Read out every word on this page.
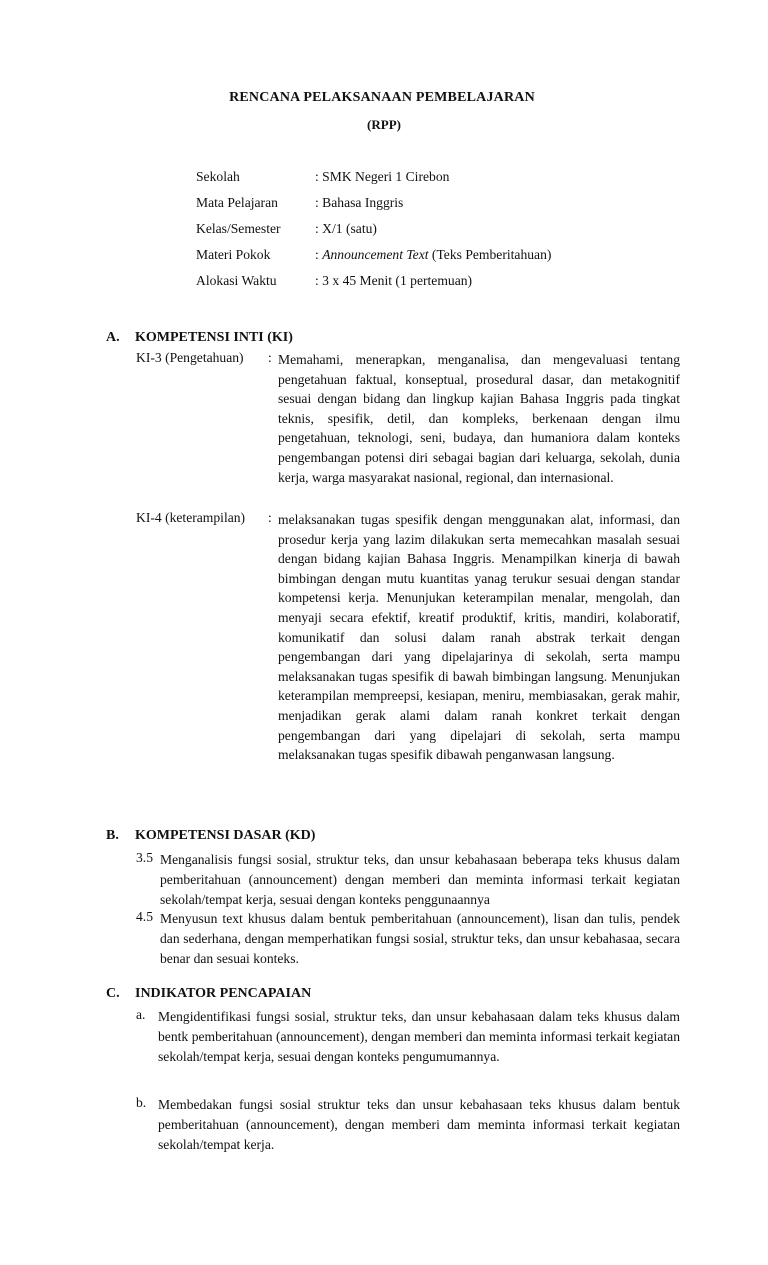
RENCANA PELAKSANAAN PEMBELAJARAN
(RPP)
Sekolah	: SMK Negeri 1 Cirebon
Mata Pelajaran	: Bahasa Inggris
Kelas/Semester	: X/1 (satu)
Materi Pokok	: Announcement Text (Teks Pemberitahuan)
Alokasi Waktu	: 3 x 45 Menit (1 pertemuan)
A. KOMPETENSI INTI (KI)
KI-3 (Pengetahuan) : Memahami, menerapkan, menganalisa, dan mengevaluasi tentang pengetahuan faktual, konseptual, prosedural dasar, dan metakognitif sesuai dengan bidang dan lingkup kajian Bahasa Inggris pada tingkat teknis, spesifik, detil, dan kompleks, berkenaan dengan ilmu pengetahuan, teknologi, seni, budaya, dan humaniora dalam konteks pengembangan potensi diri sebagai bagian dari keluarga, sekolah, dunia kerja, warga masyarakat nasional, regional, dan internasional.
KI-4 (keterampilan) : melaksanakan tugas spesifik dengan menggunakan alat, informasi, dan prosedur kerja yang lazim dilakukan serta memecahkan masalah sesuai dengan bidang kajian Bahasa Inggris. Menampilkan kinerja di bawah bimbingan dengan mutu kuantitas yanag terukur sesuai dengan standar kompetensi kerja. Menunjukan keterampilan menalar, mengolah, dan menyaji secara efektif, kreatif produktif, kritis, mandiri, kolaboratif, komunikatif dan solusi dalam ranah abstrak terkait dengan pengembangan dari yang dipelajarinya di sekolah, serta mampu melaksanakan tugas spesifik di bawah bimbingan langsung. Menunjukan keterampilan mempreepsi, kesiapan, meniru, membiasakan, gerak mahir, menjadikan gerak alami dalam ranah konkret terkait dengan pengembangan dari yang dipelajari di sekolah, serta mampu melaksanakan tugas spesifik dibawah penganwasan langsung.
B. KOMPETENSI DASAR (KD)
3.5 Menganalisis fungsi sosial, struktur teks, dan unsur kebahasaan beberapa teks khusus dalam pemberitahuan (announcement) dengan memberi dan meminta informasi terkait kegiatan sekolah/tempat kerja, sesuai dengan konteks penggunaannya
4.5 Menyusun text khusus dalam bentuk pemberitahuan (announcement), lisan dan tulis, pendek dan sederhana, dengan memperhatikan fungsi sosial, struktur teks, dan unsur kebahasaa, secara benar dan sesuai konteks.
C. INDIKATOR PENCAPAIAN
a. Mengidentifikasi fungsi sosial, struktur teks, dan unsur kebahasaan dalam teks khusus dalam bentk pemberitahuan (announcement), dengan memberi dan meminta informasi terkait kegiatan sekolah/tempat kerja, sesuai dengan konteks pengumumannya.
b. Membedakan fungsi sosial struktur teks dan unsur kebahasaan teks khusus dalam bentuk pemberitahuan (announcement), dengan memberi dam meminta informasi terkait kegiatan sekolah/tempat kerja.
